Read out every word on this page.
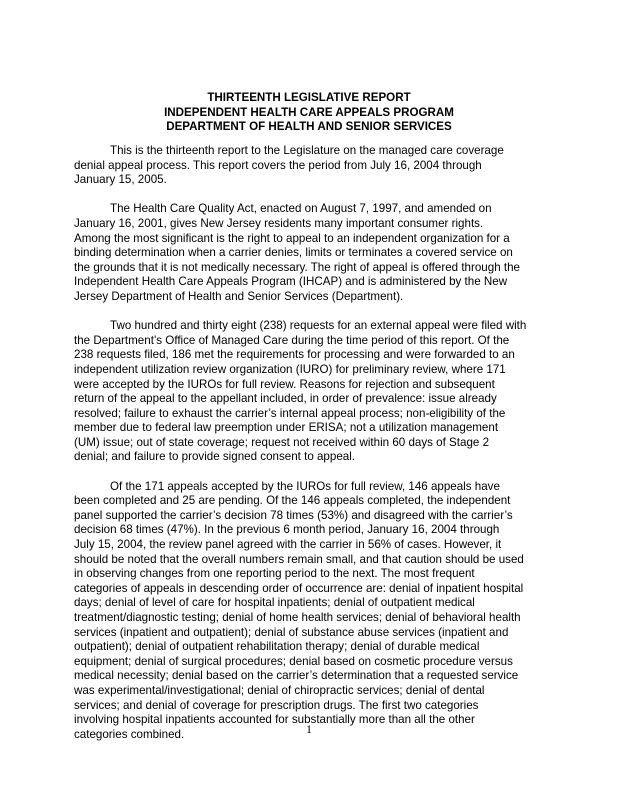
THIRTEENTH LEGISLATIVE REPORT
INDEPENDENT HEALTH CARE APPEALS PROGRAM
DEPARTMENT OF HEALTH AND SENIOR SERVICES
This is the thirteenth report to the Legislature on the managed care coverage
denial appeal process. This report covers the period from July 16, 2004 through
January 15, 2005.
The Health Care Quality Act, enacted on August 7, 1997, and amended on
January 16, 2001, gives New Jersey residents many important consumer rights.
Among the most significant is the right to appeal to an independent organization for a
binding determination when a carrier denies, limits or terminates a covered service on
the grounds that it is not medically necessary. The right of appeal is offered through the
Independent Health Care Appeals Program (IHCAP) and is administered by the New
Jersey Department of Health and Senior Services (Department).
Two hundred and thirty eight (238) requests for an external appeal were filed with
the Department’s Office of Managed Care during the time period of this report. Of the
238 requests filed, 186 met the requirements for processing and were forwarded to an
independent utilization review organization (IURO) for preliminary review, where 171
were accepted by the IUROs for full review. Reasons for rejection and subsequent
return of the appeal to the appellant included, in order of prevalence: issue already
resolved; failure to exhaust the carrier’s internal appeal process; non-eligibility of the
member due to federal law preemption under ERISA; not a utilization management
(UM) issue; out of state coverage; request not received within 60 days of Stage 2
denial; and failure to provide signed consent to appeal.
Of the 171 appeals accepted by the IUROs for full review, 146 appeals have
been completed and 25 are pending. Of the 146 appeals completed, the independent
panel supported the carrier’s decision 78 times (53%) and disagreed with the carrier’s
decision 68 times (47%). In the previous 6 month period, January 16, 2004 through
July 15, 2004, the review panel agreed with the carrier in 56% of cases. However, it
should be noted that the overall numbers remain small, and that caution should be used
in observing changes from one reporting period to the next. The most frequent
categories of appeals in descending order of occurrence are: denial of inpatient hospital
days; denial of level of care for hospital inpatients; denial of outpatient medical
treatment/diagnostic testing; denial of home health services; denial of behavioral health
services (inpatient and outpatient); denial of substance abuse services (inpatient and
outpatient); denial of outpatient rehabilitation therapy; denial of durable medical
equipment; denial of surgical procedures; denial based on cosmetic procedure versus
medical necessity; denial based on the carrier’s determination that a requested service
was experimental/investigational; denial of chiropractic services; denial of dental
services; and denial of coverage for prescription drugs. The first two categories
involving hospital inpatients accounted for substantially more than all the other
categories combined.	1
